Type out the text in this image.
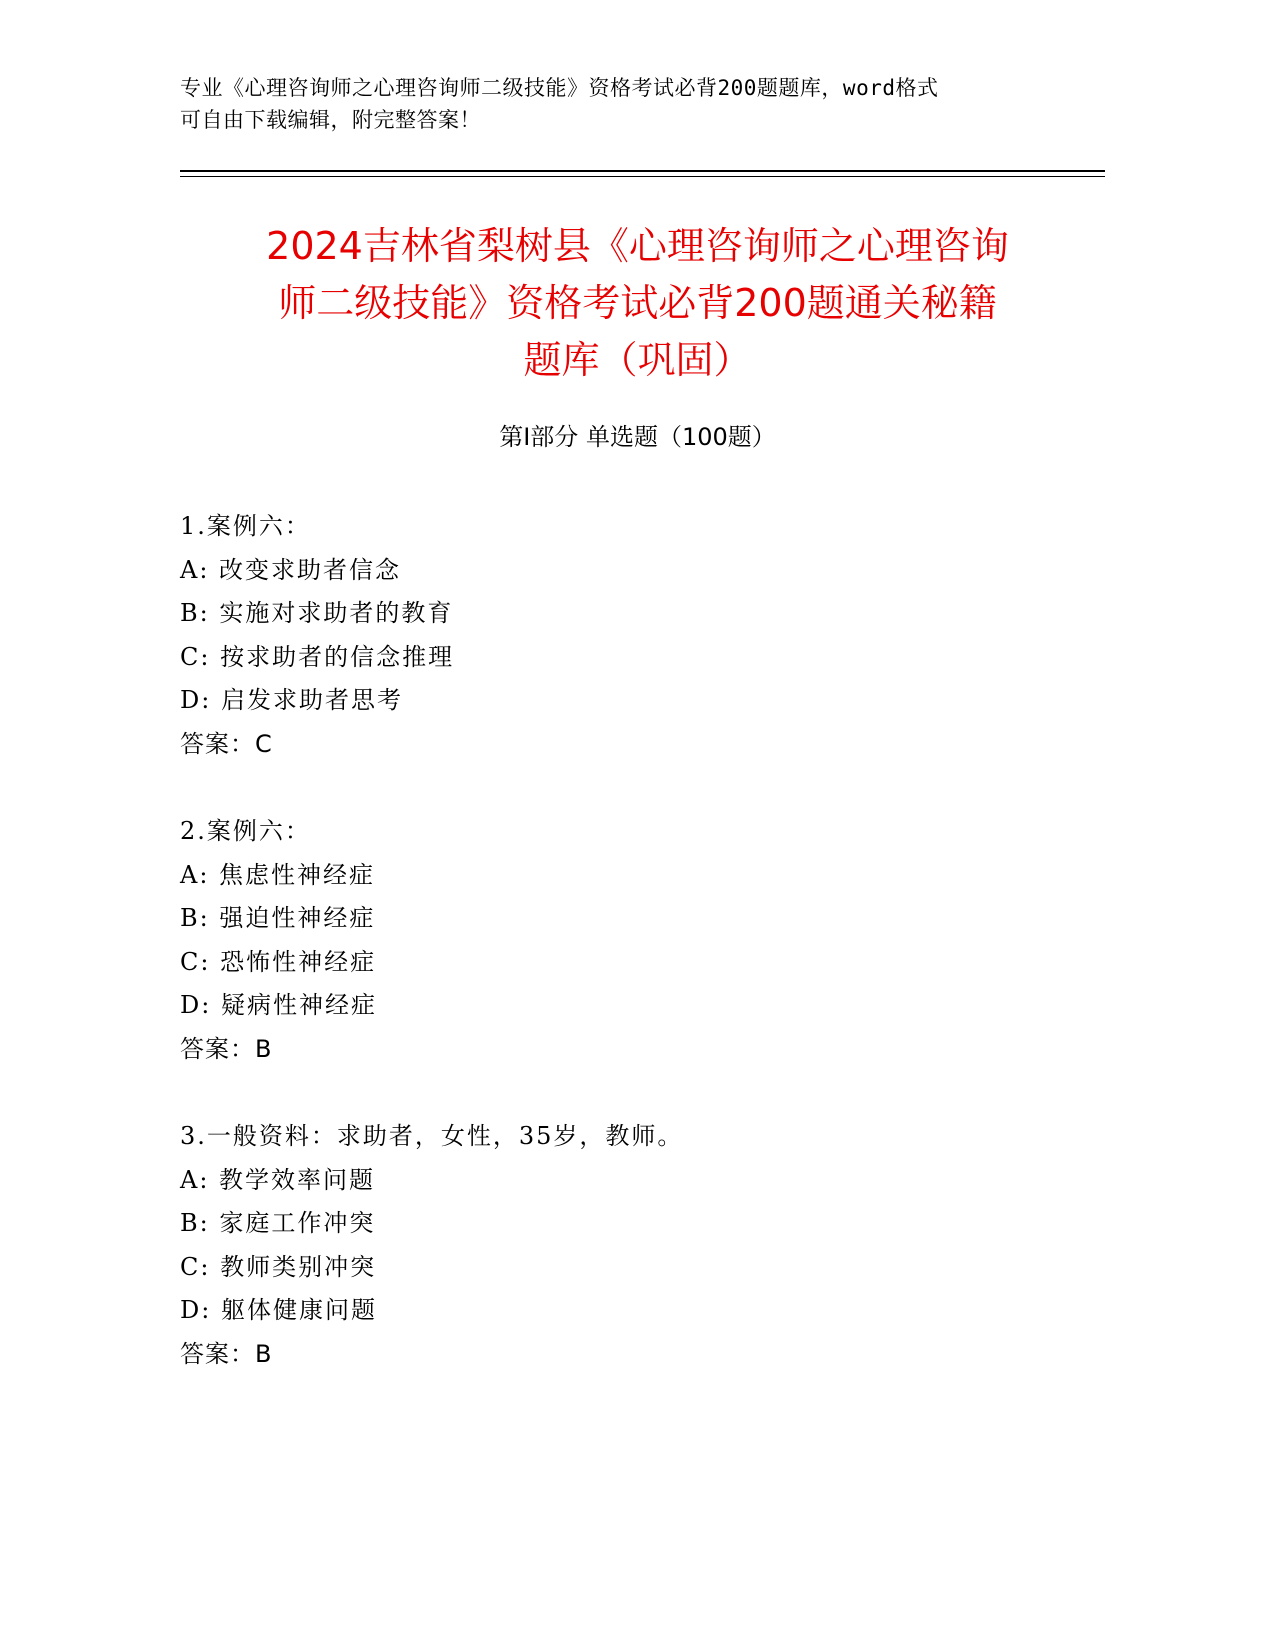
专业《心理咨询师之心理咨询师二级技能》资格考试必背200题题库，word格式
可自由下载编辑，附完整答案！
2024吉林省梨树县《心理咨询师之心理咨询
师二级技能》资格考试必背200题通关秘籍
题库（巩固）
第I部分 单选题（100题）
1.案例六：
A: 改变求助者信念
B: 实施对求助者的教育
C: 按求助者的信念推理
D: 启发求助者思考
答案：C
2.案例六：
A: 焦虑性神经症
B: 强迫性神经症
C: 恐怖性神经症
D: 疑病性神经症
答案：B
3.一般资料：求助者，女性，35岁，教师。
A: 教学效率问题
B: 家庭工作冲突
C: 教师类别冲突
D: 躯体健康问题
答案：B
